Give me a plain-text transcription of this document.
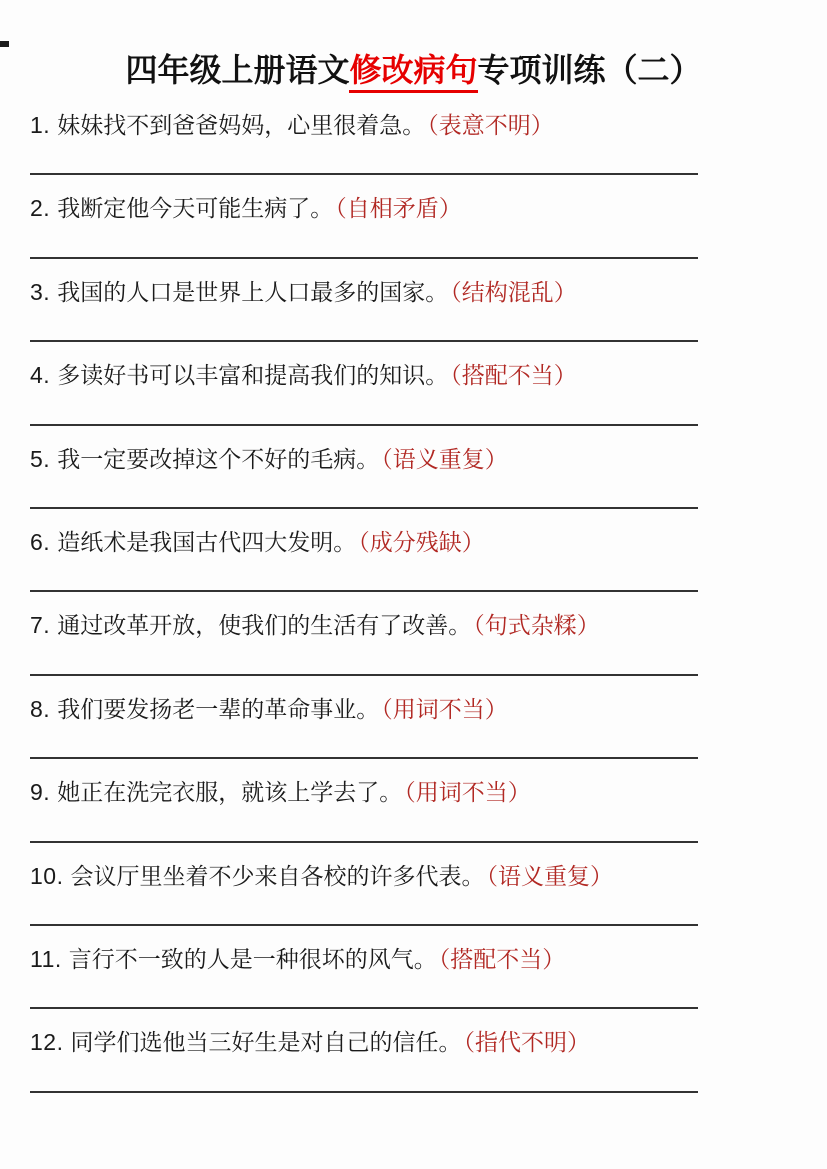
四年级上册语文修改病句专项训练（二）

1. 妹妹找不到爸爸妈妈，心里很着急。（表意不明）

2. 我断定他今天可能生病了。（自相矛盾）

3. 我国的人口是世界上人口最多的国家。（结构混乱）

4. 多读好书可以丰富和提高我们的知识。（搭配不当）

5. 我一定要改掉这个不好的毛病。（语义重复）

6. 造纸术是我国古代四大发明。（成分残缺）

7. 通过改革开放，使我们的生活有了改善。（句式杂糅）

8. 我们要发扬老一辈的革命事业。（用词不当）

9. 她正在洗完衣服，就该上学去了。（用词不当）

10. 会议厅里坐着不少来自各校的许多代表。（语义重复）

11. 言行不一致的人是一种很坏的风气。（搭配不当）

12. 同学们选他当三好生是对自己的信任。（指代不明）
